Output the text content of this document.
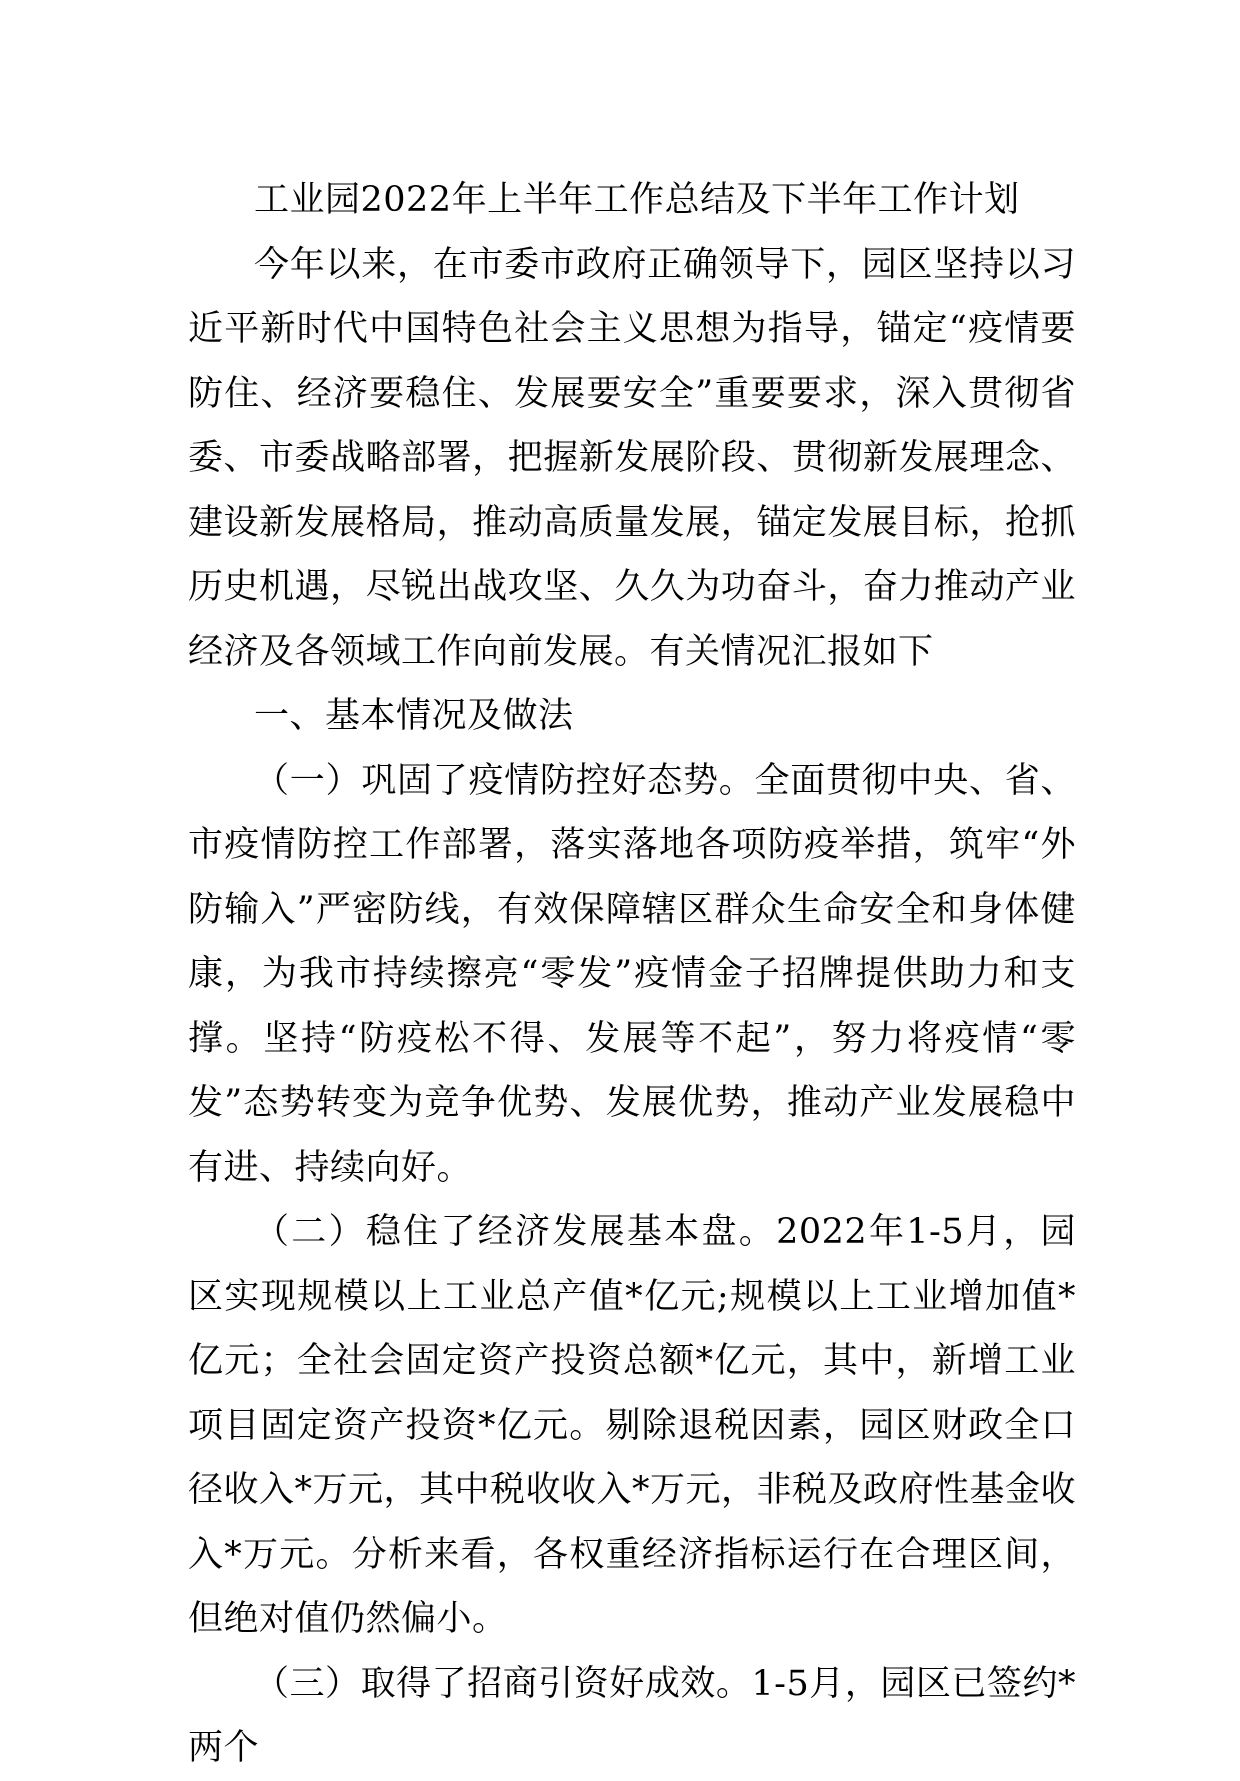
工业园2022年上半年工作总结及下半年工作计划

今年以来，在市委市政府正确领导下，园区坚持以习近平新时代中国特色社会主义思想为指导，锚定“疫情要防住、经济要稳住、发展要安全”重要要求，深入贯彻省委、市委战略部署，把握新发展阶段、贯彻新发展理念、建设新发展格局，推动高质量发展，锚定发展目标，抢抓历史机遇，尽锐出战攻坚、久久为功奋斗，奋力推动产业经济及各领域工作向前发展。有关情况汇报如下

一、基本情况及做法

（一）巩固了疫情防控好态势。全面贯彻中央、省、市疫情防控工作部署，落实落地各项防疫举措，筑牢“外防输入”严密防线，有效保障辖区群众生命安全和身体健康，为我市持续擦亮“零发”疫情金子招牌提供助力和支撑。坚持“防疫松不得、发展等不起”，努力将疫情“零发”态势转变为竞争优势、发展优势，推动产业发展稳中有进、持续向好。

（二）稳住了经济发展基本盘。2022年1-5月，园区实现规模以上工业总产值*亿元;规模以上工业增加值*亿元；全社会固定资产投资总额*亿元，其中，新增工业项目固定资产投资*亿元。剔除退税因素，园区财政全口径收入*万元，其中税收收入*万元，非税及政府性基金收入*万元。分析来看，各权重经济指标运行在合理区间，但绝对值仍然偏小。

（三）取得了招商引资好成效。1-5月，园区已签约*两个
